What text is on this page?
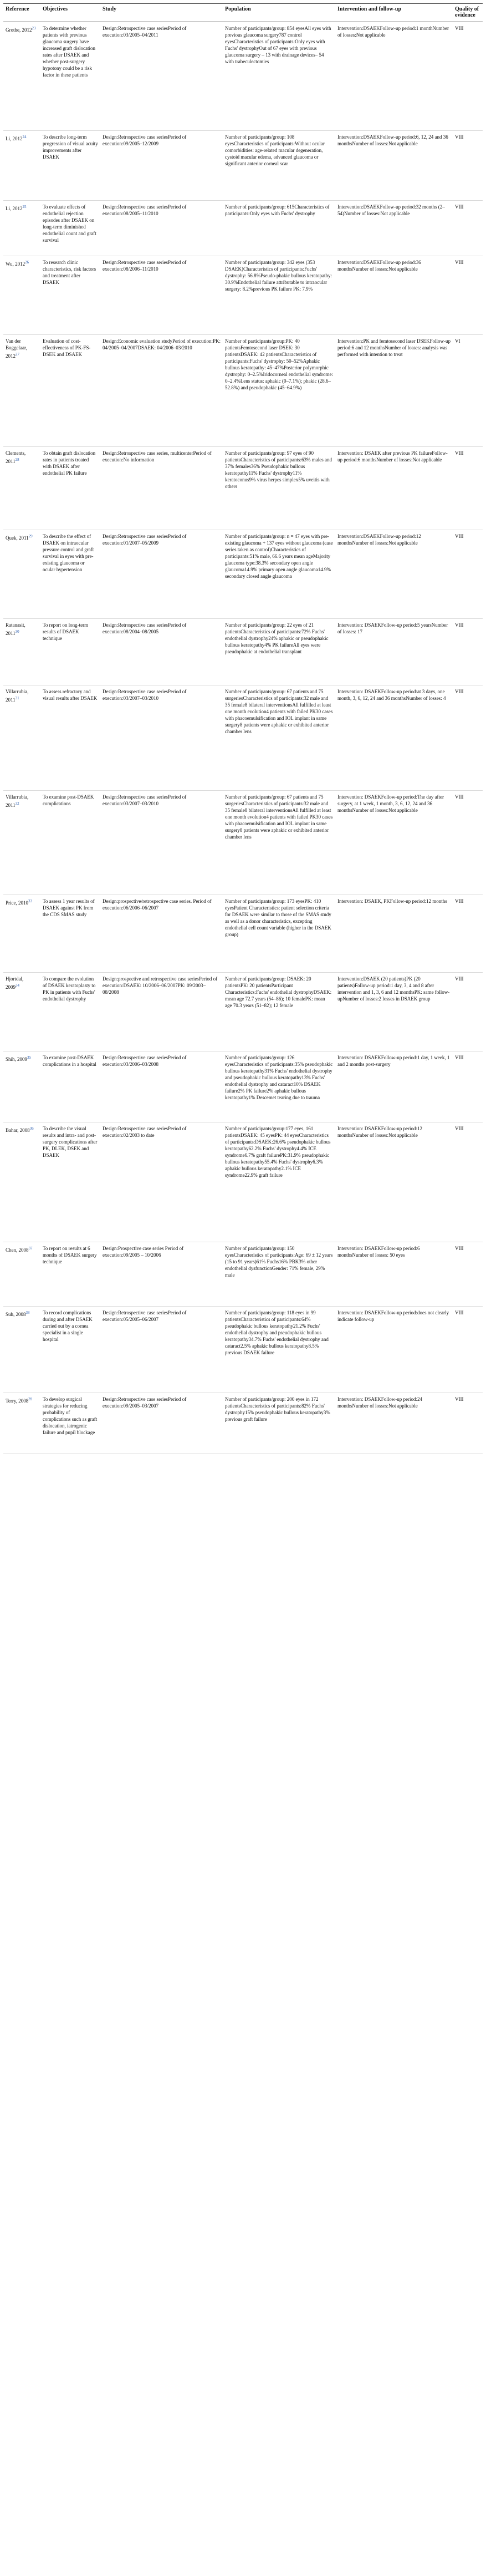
Reference	Objectives	Study	Population	Intervention and follow-up	Quality of evidence
Grothe, 2012$^{23}$	To determine whether patients with previous glaucoma surgery have increased graft dislocation rates after DSAEK and whether post-surgery hypotony could be a risk factor in these patients	Design:Retrospective case seriesPeriod of execution:03/2005–04/2011	Number of participants/group: 854 eyesAll eyes with previous glaucoma surgery787 control eyesCharacteristics of participants:Only eyes with Fuchs' dystrophyOut of 67 eyes with previous glaucoma surgery – 13 with drainage devices– 54 with trabeculectomies	Intervention:DSAEKFollow-up period:1 monthNumber of losses:Not applicable	VIII
Li, 2012$^{24}$	To describe long-term progression of visual acuity improvements after DSAEK	Design:Retrospective case seriesPeriod of execution:09/2005–12/2009	Number of participants/group: 108 eyesCharacteristics of participants:Without ocular comorbidities: age-related macular degeneration, cystoid macular edema, advanced glaucoma or significant anterior corneal scar	Intervention:DSAEKFollow-up period:6, 12, 24 and 36 monthsNumber of losses:Not applicable	VIII
Li, 2012$^{25}$	To evaluate effects of endothelial rejection episodes after DSAEK on long-term diminished endothelial count and graft survival	Design:Retrospective case seriesPeriod of execution:08/2005–11/2010	Number of participants/group: 615Characteristics of participants:Only eyes with Fuchs' dystrophy	Intervention:DSAEKFollow-up period:32 months (2–54)Number of losses:Not applicable	VIII
Wu, 2012$^{26}$	To research clinic characteristics, risk factors and treatment after DSAEK	Design:Retrospective case seriesPeriod of execution:08/2006–11/2010	Number of participants/group: 342 eyes (353 DSAEK)Characteristics of participants:Fuchs' dystrophy: 56.8%Pseudo-phakic bullous keratopathy: 30.9%Endothelial failure attributable to intraocular surgery: 8.2%previous PK failure PK: 7.9%	Intervention:DSAEKFollow-up period:36 monthsNumber of losses:Not applicable	VIII
Van der Boggelaar, 2012$^{27}$	Evaluation of cost-effectiveness of PK-FS-DSEK and DSAEK	Design:Economic evaluation studyPeriod of execution:PK: 04/2005–04/2007DSAEK: 04/2006–03/2010	Number of participants/group:PK: 40 patientsFemtosecond laser DSEK: 30 patientsDSAEK: 42 patientsCharacteristics of participants:Fuchs' dystrophy: 50–52%Aphakic bullous keratopathy: 45–47%Posterior polymorphic dystrophy: 0–2.5%Iridocorneal endothelial syndrome: 0–2.4%Lens status: aphakic (0–7.1%); phakic (28.6–52.8%) and pseudophakic (45–64.9%)	Intervention:PK and femtosecond laser DSEKFollow-up period:6 and 12 monthsNumber of losses: analysis was performed with intention to treat	VI
Clements, 2011$^{28}$	To obtain graft dislocation rates in patients treated with DSAEK after endothelial PK failure	Design:Retrospective case series, multicenterPeriod of execution:No information	Number of participants/group: 97 eyes of 90 patientsCharacteristics of participants:63% males and 37% females36% Pseudophakic bullous keratopathy11% Fuchs' dystrophy11% keratoconus9% virus herpes simplex5% uveitis with others	Intervention: DSAEK after previous PK failureFollow-up period:6 monthsNumber of losses:Not applicable	VIII
Quek, 2011$^{29}$	To describe the effect of DSAEK on intraocular pressure control and graft survival in eyes with pre-existing glaucoma or ocular hypertension	Design:Retrospective case seriesPeriod of execution:01/2007–05/2009	Number of participants/group: n = 47 eyes with pre-existing glaucoma + 137 eyes without glaucoma (case series taken as control)Characteristics of participants:51% male, 66.6 years mean ageMajority glaucoma type:38.3% secondary open angle glaucoma14.9% primary open angle glaucoma14.9% secondary closed angle glaucoma	Intervention:DSAEKFollow-up period:12 monthsNumber of losses:Not applicable	VIII
Ratanasit, 2011$^{30}$	To report on long-term results of DSAEK technique	Design:Retrospective case seriesPeriod of execution:08/2004–08/2005	Number of participants/group: 22 eyes of 21 patientsCharacteristics of participants:72% Fuchs' endothelial dystrophy24% aphakic or pseudophakic bullous keratopathy4% PK failureAll eyes were pseudophakic at endothelial transplant	Intervention: DSAEKFollow-up period:5 yearsNumber of losses: 17	VIII
Villarrubia, 2011$^{31}$	To assess refractory and visual results after DSAEK	Design:Retrospective case seriesPeriod of execution:03/2007–03/2010	Number of participants/group: 67 patients and 75 surgeriesCharacteristics of participants:32 male and 35 female8 bilateral interventionsAll fulfilled at least one month evolution4 patients with failed PK30 cases with phacoemulsification and IOL implant in same surgery8 patients were aphakic or exhibited anterior chamber lens	Intervention: DSAEKFollow-up period:at 3 days, one month, 3, 6, 12, 24 and 36 monthsNumber of losses: 4	VIII
Villarrubia, 2011$^{32}$	To examine post-DSAEK complications	Design:Retrospective case seriesPeriod of execution:03/2007–03/2010	Number of participants/group: 67 patients and 75 surgeriesCharacteristics of participants:32 male and 35 female8 bilateral interventionsAll fulfilled at least one month evolution4 patients with failed PK30 cases with phacoemulsification and IOL implant in same surgery8 patients were aphakic or exhibited anterior chamber lens	Intervention: DSAEKFollow-up period:The day after surgery, at 1 week, 1 month, 3, 6, 12, 24 and 36 monthsNumber of losses:Not applicable	VIII
Price, 2010$^{33}$	To assess 1 year results of DSAEK against PK from the CDS SMAS study	Design:prospective/retrospective case series. Period of execution:06/2006–06/2007	Number of participants/group: 173 eyesPK: 410 eyesPatient Characteristics: patient selection criteria for DSAEK were similar to those of the SMAS study as well as a donor characteristics, excepting endothelial cell count variable (higher in the DSAEK group)	Intervention: DSAEK, PKFollow-up period:12 months	VIII
Hjortdal, 2009$^{34}$	To compare the evolution of DSAEK keratoplasty to PK in patients with Fuchs' endothelial dystrophy	Design:prospective and retrospective case seriesPeriod of execution:DSAEK: 10/2006–06/2007PK: 09/2003–08/2008	Number of participants/group: DSAEK: 20 patientsPK: 20 patientsParticipant Characteristics:Fuchs' endothelial dystrophyDSAEK: mean age 72.7 years (54–86); 10 femalePK: mean age 70.3 years (51–82); 12 female	Intervention:DSAEK (20 patients)PK (20 patients)Follow-up period:1 day, 3, 4 and 8 after intervention and 1, 3, 6 and 12 monthsPK: same follow-upNumber of losses:2 losses in DSAEK group	VIII
Shih, 2009$^{35}$	To examine post-DSAEK complications in a hospital	Design:Retrospective case seriesPeriod of execution:03/2006–03/2008	Number of participants/group: 126 eyesCharacteristics of participants:35% pseudophakic bullous keratopathy31% Fuchs' endothelial dystrophy and pseudophakic bullous keratopathy13% Fuchs' endothelial dystrophy and cataract10% DSAEK failure2% PK failure2% aphakic bullous keratopathy1% Descemet tearing due to trauma	Intervention: DSAEKFollow-up period:1 day, 1 week, 1 and 2 months post-surgery	VIII
Bahar, 2008$^{36}$	To describe the visual results and intra- and post-surgery complications after PK, DLEK, DSEK and DSAEK	Design:Retrospective case seriesPeriod of execution:02/2003 to date	Number of participants/group:177 eyes, 161 patientsDSAEK: 45 eyesPK: 44 eyesCharacteristics of participants:DSAEK:26.6% pseudophakic bullous keratopathy62.2% Fuchs' dystrophy4.4% ICE syndrome6.7% graft failurePK:31.9% pseudophakic bullous keratopathy55.4% Fuchs' dystrophy6.3% aphakic bullous keratopathy2.1% ICE syndrome22.9% graft failure	Intervention: DSAEKFollow-up period:12 monthsNumber of losses:Not applicable	VIII
Chen, 2008$^{37}$	To report on results at 6 months of DSAEK surgery technique	Design:Prospective case series Period of execution:09/2005 – 10/2006	Number of participants/group: 150 eyesCharacteristics of participants:Age: 69 ± 12 years (15 to 91 years)61% Fuchs16% PBK3% other endothelial dysfunctionGender: 71% female, 29% male	Intervention: DSAEKFollow-up period:6 monthsNumber of losses: 50 eyes	VIII
Suh, 2008$^{38}$	To record complications during and after DSAEK carried out by a cornea specialist in a single hospital	Design:Retrospective case seriesPeriod of execution:05/2005–06/2007	Number of participants/group: 118 eyes in 99 patientsCharacteristics of participants:64% pseudophakic bullous keratopathy21.2% Fuchs' endothelial dystrophy and pseudophakic bullous keratopathy34.7% Fuchs' endothelial dystrophy and cataract2.5% aphakic bullous keratopathy8.5% previous DSAEK failure	Intervention: DSAEKFollow-up period:does not clearly indicate follow-up	VIII
Terry, 2008$^{39}$	To develop surgical strategies for reducing probability of complications such as graft dislocation, iatrogenic failure and pupil blockage	Design:Retrospective case seriesPeriod of execution:09/2005–03/2007	Number of participants/group: 200 eyes in 172 patientsCharacteristics of participants:82% Fuchs' dystrophy15% pseudophakic bullous keratopathy3% previous graft failure	Intervention: DSAEKFollow-up period:24 monthsNumber of losses:Not applicable	VIII
